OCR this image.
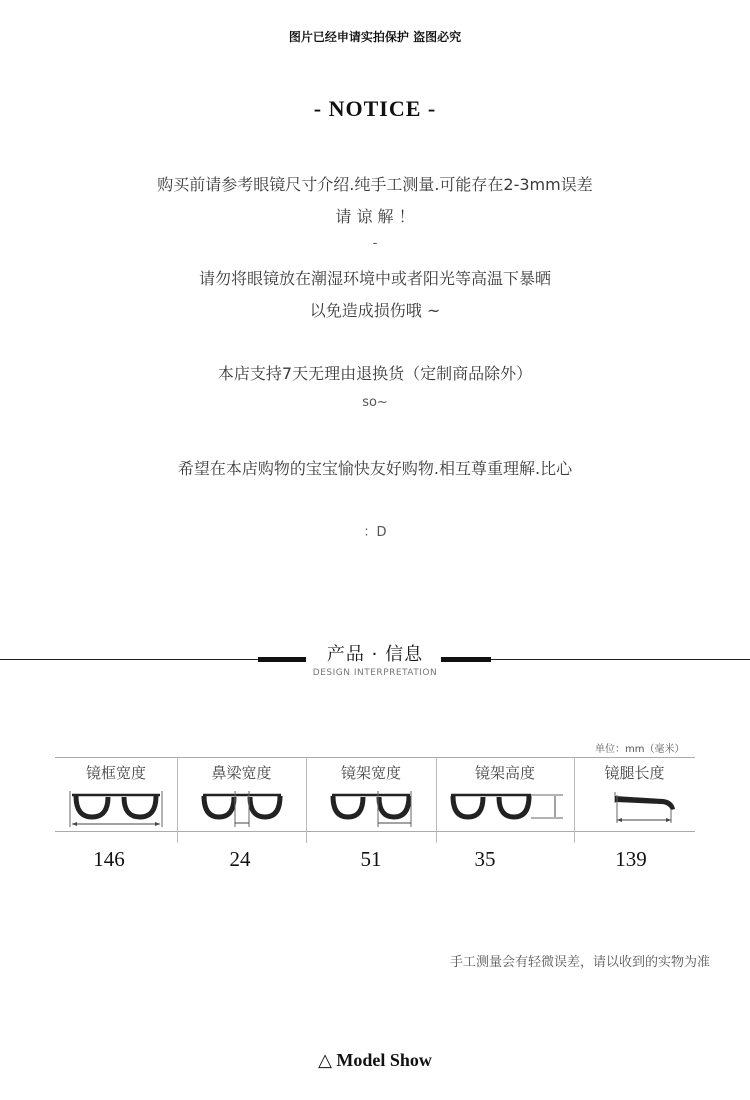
图片已经申请实拍保护 盗图必究
- NOTICE -
购买前请参考眼镜尺寸介绍.纯手工测量.可能存在2-3mm误差
请 谅 解 ！
-
请勿将眼镜放在潮湿环境中或者阳光等高温下暴晒
以免造成损伤哦 ~
本店支持7天无理由退换货（定制商品除外）
so~
希望在本店购物的宝宝愉快友好购物.相互尊重理解.比心
：D
产品 · 信息
DESIGN INTERPRETATION
单位：mm（毫米）
镜框宽度	鼻梁宽度	镜架宽度	镜架高度	镜腿长度
146	24	51	35	139
手工测量会有轻微误差，请以收到的实物为准
△ Model Show
